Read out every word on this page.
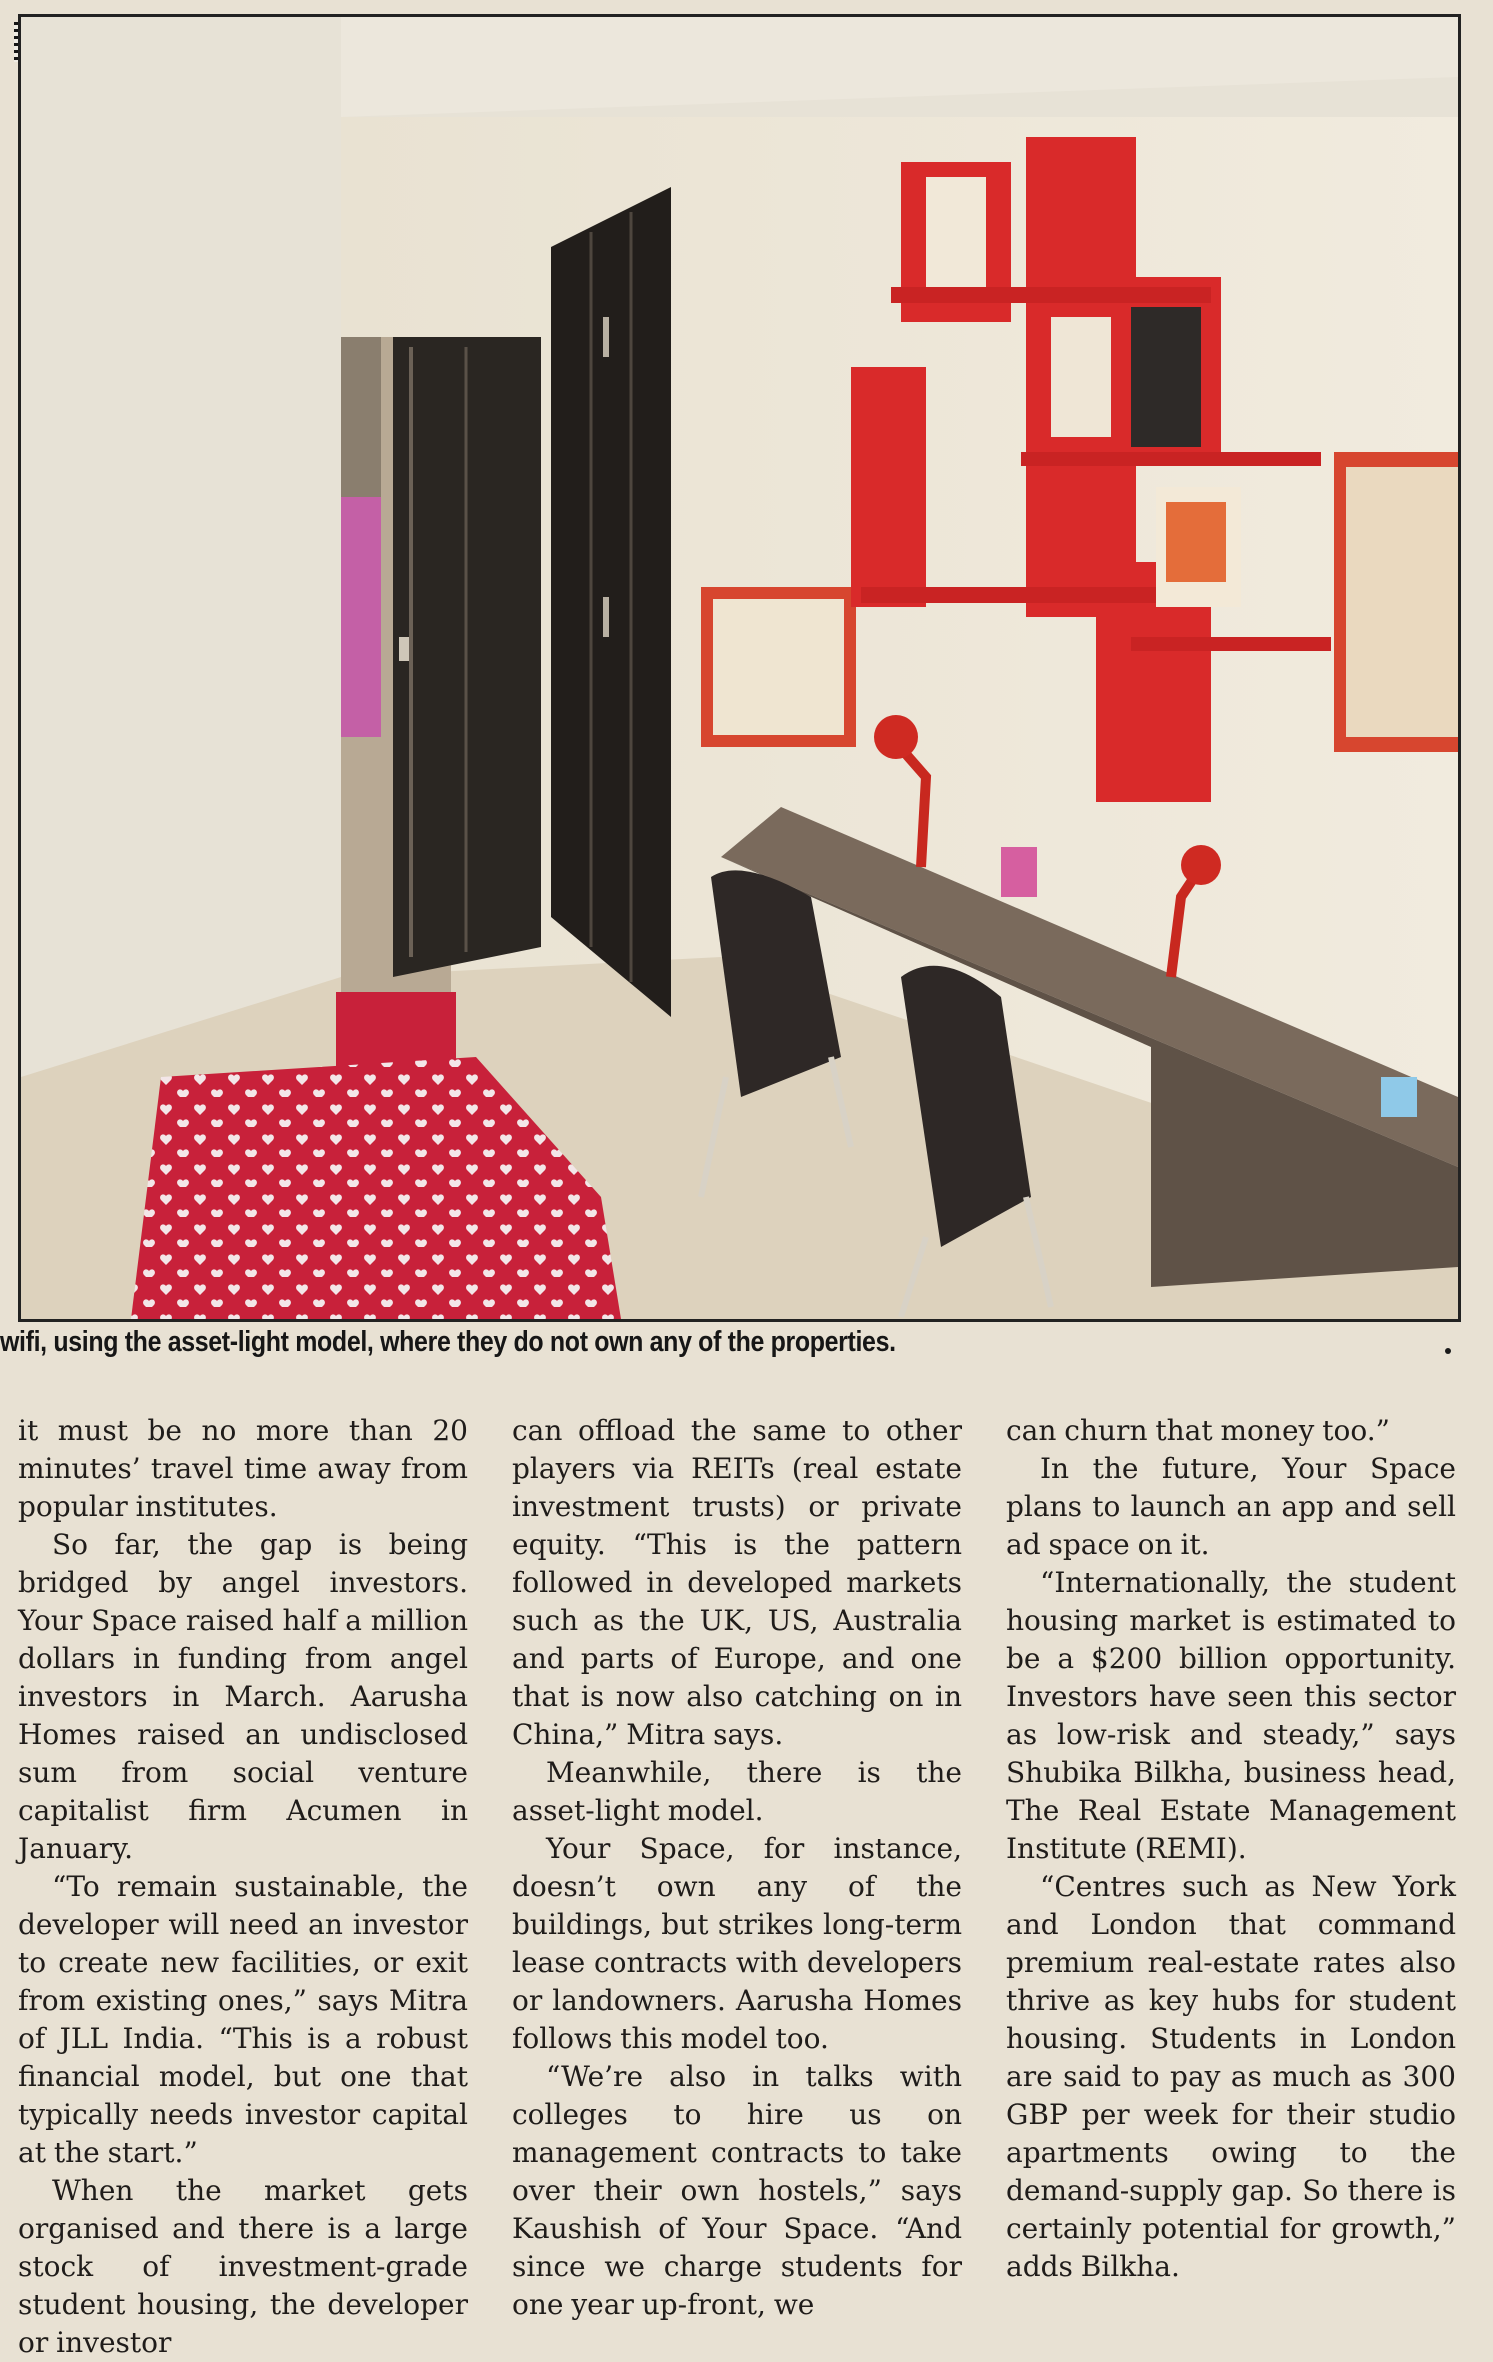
wifi, using the asset-light model, where they do not own any of the properties.

it must be no more than 20 minutes’ travel time away from popular institutes.

So far, the gap is being bridged by angel investors. Your Space raised half a million dollars in funding from angel investors in March. Aarusha Homes raised an undisclosed sum from social venture capitalist firm Acumen in January.

“To remain sustainable, the developer will need an investor to create new facilities, or exit from existing ones,” says Mitra of JLL India. “This is a robust financial model, but one that typically needs investor capital at the start.”

When the market gets organised and there is a large stock of investment-grade student housing, the developer or investor

can offload the same to other players via REITs (real estate investment trusts) or private equity. “This is the pattern followed in developed markets such as the UK, US, Australia and parts of Europe, and one that is now also catching on in China,” Mitra says.

Meanwhile, there is the asset-light model.

Your Space, for instance, doesn’t own any of the buildings, but strikes long-term lease contracts with developers or landowners. Aarusha Homes follows this model too.

“We’re also in talks with colleges to hire us on management contracts to take over their own hostels,” says Kaushish of Your Space. “And since we charge students for one year up-front, we

can churn that money too.”

In the future, Your Space plans to launch an app and sell ad space on it.

“Internationally, the student housing market is estimated to be a $200 billion opportunity. Investors have seen this sector as low-risk and steady,” says Shubika Bilkha, business head, The Real Estate Management Institute (REMI).

“Centres such as New York and London that command premium real-estate rates also thrive as key hubs for student housing. Students in London are said to pay as much as 300 GBP per week for their studio apartments owing to the demand-supply gap. So there is certainly potential for growth,” adds Bilkha.
